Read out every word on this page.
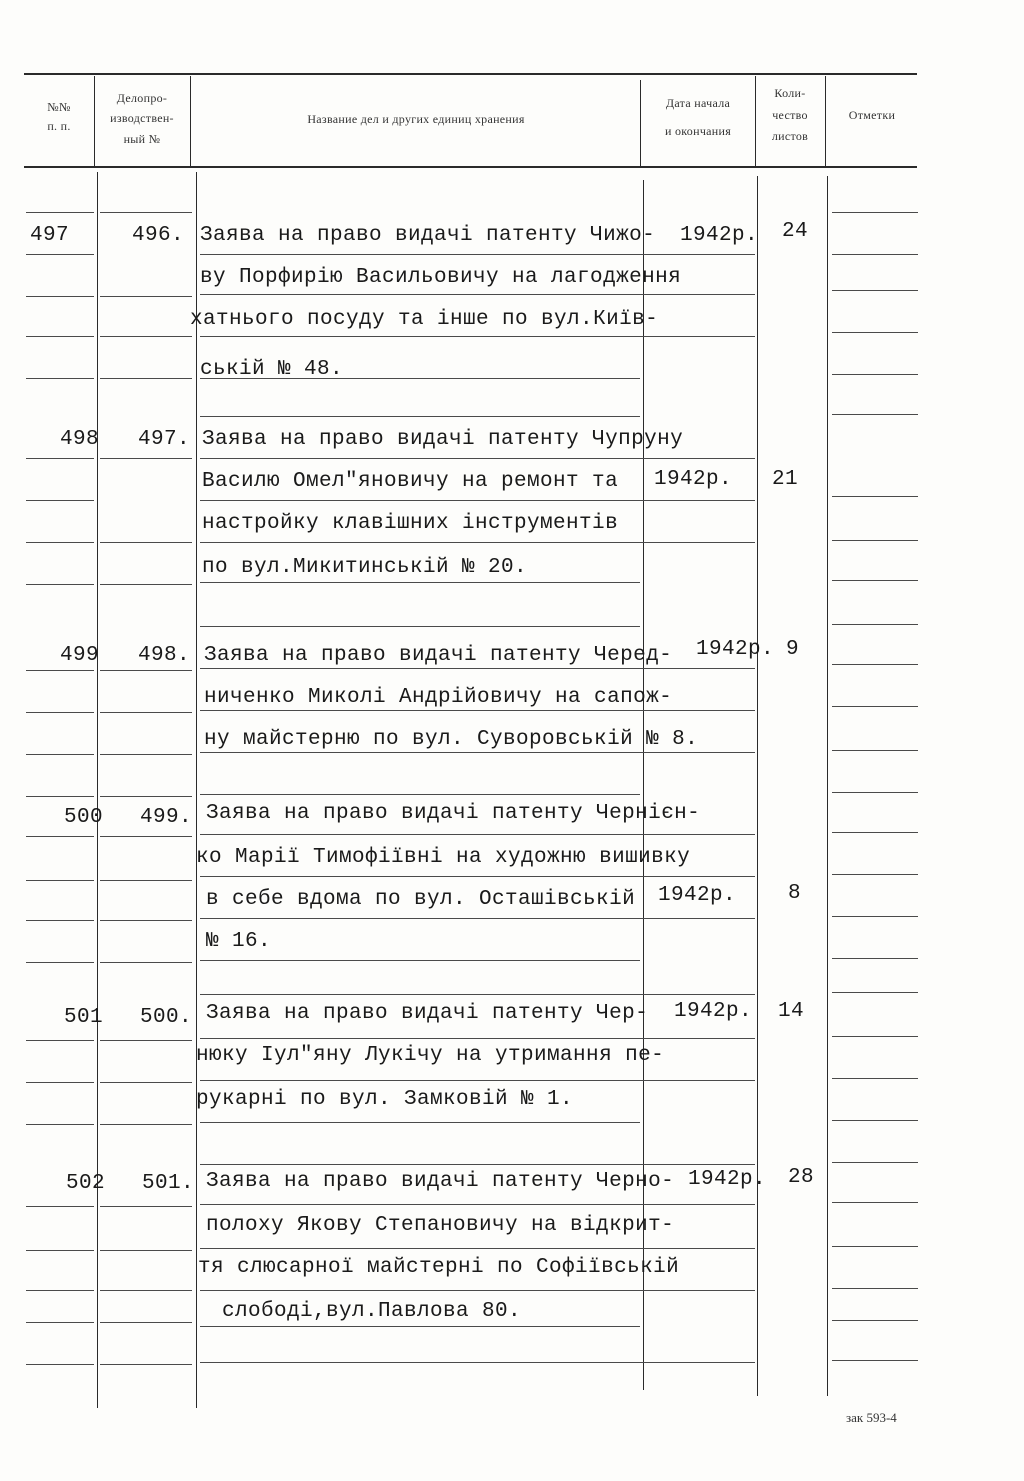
№№
п. п.
Делопро-
изводствен-
ный №
Название дел и других единиц хранения
Дата начала
и окончания
Коли-
чество
листов
Отметки
497	496. Заява на право видачі патенту Чижо-
ву Порфирію Васильовичу на лагодження
хатнього посуду та інше по вул.Київ-
ській № 48.
1942р. 24
498 497. Заява на право видачі патенту Чупруну
Василю Омел"яновичу на ремонт та
настройку клавішних інструментів
по вул.Микитинській № 20.
1942р. 21
499 498. Заява на право видачі патенту Черед-
ниченко Миколі Андрійовичу на сапож-
ну майстерню по вул. Суворовській № 8.
1942р. 9
500 499. Заява на право видачі патенту Чернієн-
ко Марії Тимофіївні на художню вишивку
в себе вдома по вул. Осташівській
№ 16.
1942р. 8
501 500. Заява на право видачі патенту Чер-
нюку Іул"яну Лукічу на утримання пе-
рукарні по вул. Замковій № 1.
1942р. 14
502 501. Заява на право видачі патенту Черно-
полоху Якову Степановичу на відкрит-
тя слюсарної майстерні по Софіївській
слободі,вул.Павлова 80.
1942р. 28
зак 593-4
